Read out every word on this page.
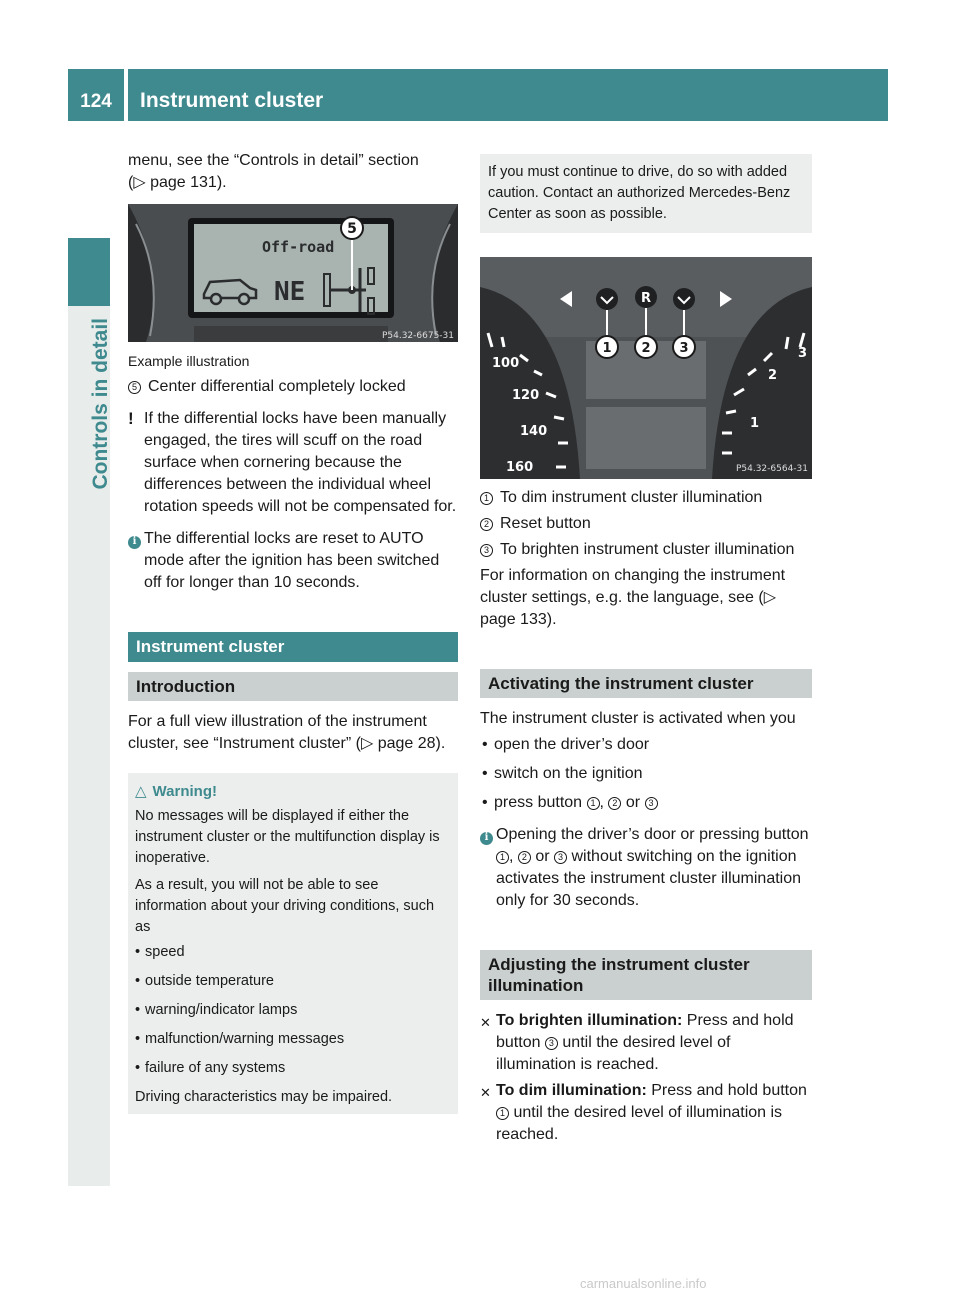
124	Instrument cluster
Controls in detail

menu, see the “Controls in detail” section

(▷ page 131).

Off-road
NE
5
P54.32-6675-31

Example illustration

5 Center differential completely locked
! If the differential locks have been manually engaged, the tires will scuff on the road surface when cornering because the differences between the individual wheel rotation speeds will not be compensated for.
i The differential locks are reset to AUTO mode after the ignition has been switched off for longer than 10 seconds.
Instrument cluster
Introduction

For a full view illustration of the instrument cluster, see “Instrument cluster” (▷ page 28).

△ Warning!

No messages will be displayed if either the instrument cluster or the multifunction display is inoperative.

As a result, you will not be able to see information about your driving conditions, such as

• speed
• outside temperature
• warning/indicator lamps
• malfunction/warning messages
• failure of any systems

Driving characteristics may be impaired.

If you must continue to drive, do so with added caution. Contact an authorized Mercedes-Benz Center as soon as possible.
R
1 2 3
100
120
140
160
3
2
1
P54.32-6564-31
1 To dim instrument cluster illumination
2 Reset button
3 To brighten instrument cluster illumination

For information on changing the instrument cluster settings, e.g. the language, see (▷ page 133).

Activating the instrument cluster

The instrument cluster is activated when you

• open the driver’s door
• switch on the ignition
• press button 1 , 2 or 3
i Opening the driver’s door or pressing button 1 , 2 or 3 without switching on the ignition activates the instrument cluster illumination only for 30 seconds.
Adjusting the instrument cluster illumination
✕ To brighten illumination: Press and hold button 3 until the desired level of illumination is reached.
✕ To dim illumination: Press and hold button 1 until the desired level of illumination is reached.
carmanualsonline.info
